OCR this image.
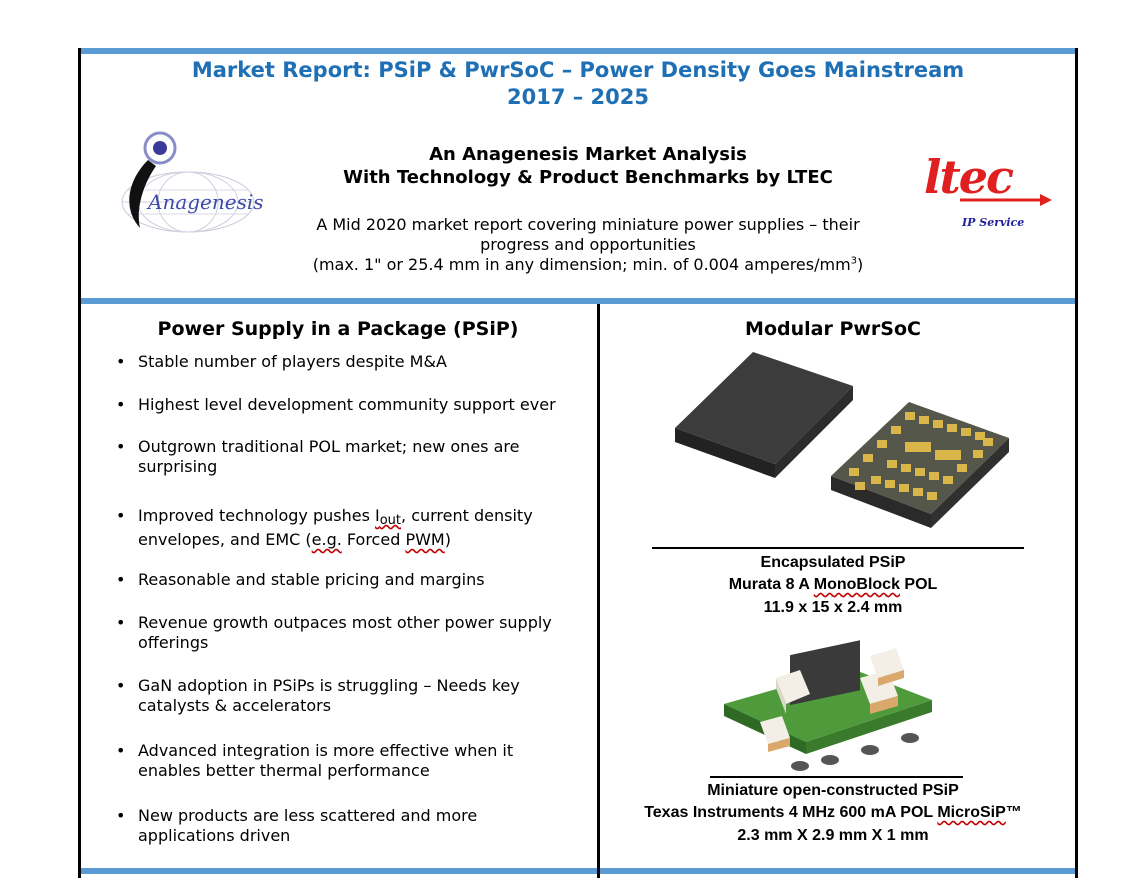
Market Report: PSiP & PwrSoC – Power Density Goes Mainstream
2017 – 2025
Anagenesis	ltec
IP Service
An Anagenesis Market Analysis
With Technology & Product Benchmarks by LTEC
A Mid 2020 market report covering miniature power supplies – their
progress and opportunities
(max. 1" or 25.4 mm in any dimension; min. of 0.004 amperes/$mm^3$)
Power Supply in a Package (PSiP)	Modular PwrSoC
• Stable number of players despite M&A
• Highest level development community support ever
• Outgrown traditional POL market; new ones are
surprising
• Improved technology pushes Iout, current density
envelopes, and EMC (e.g. Forced PWM)
• Reasonable and stable pricing and margins
• Revenue growth outpaces most other power supply
offerings
• GaN adoption in PSiPs is struggling – Needs key
catalysts & accelerators
• Advanced integration is more effective when it
enables better thermal performance
• New products are less scattered and more
applications driven
Encapsulated PSiP
Murata 8 A MonoBlock POL
11.9 x 15 x 2.4 mm
Miniature open-constructed PSiP
Texas Instruments 4 MHz 600 mA POL MicroSiP™
2.3 mm X 2.9 mm X 1 mm
